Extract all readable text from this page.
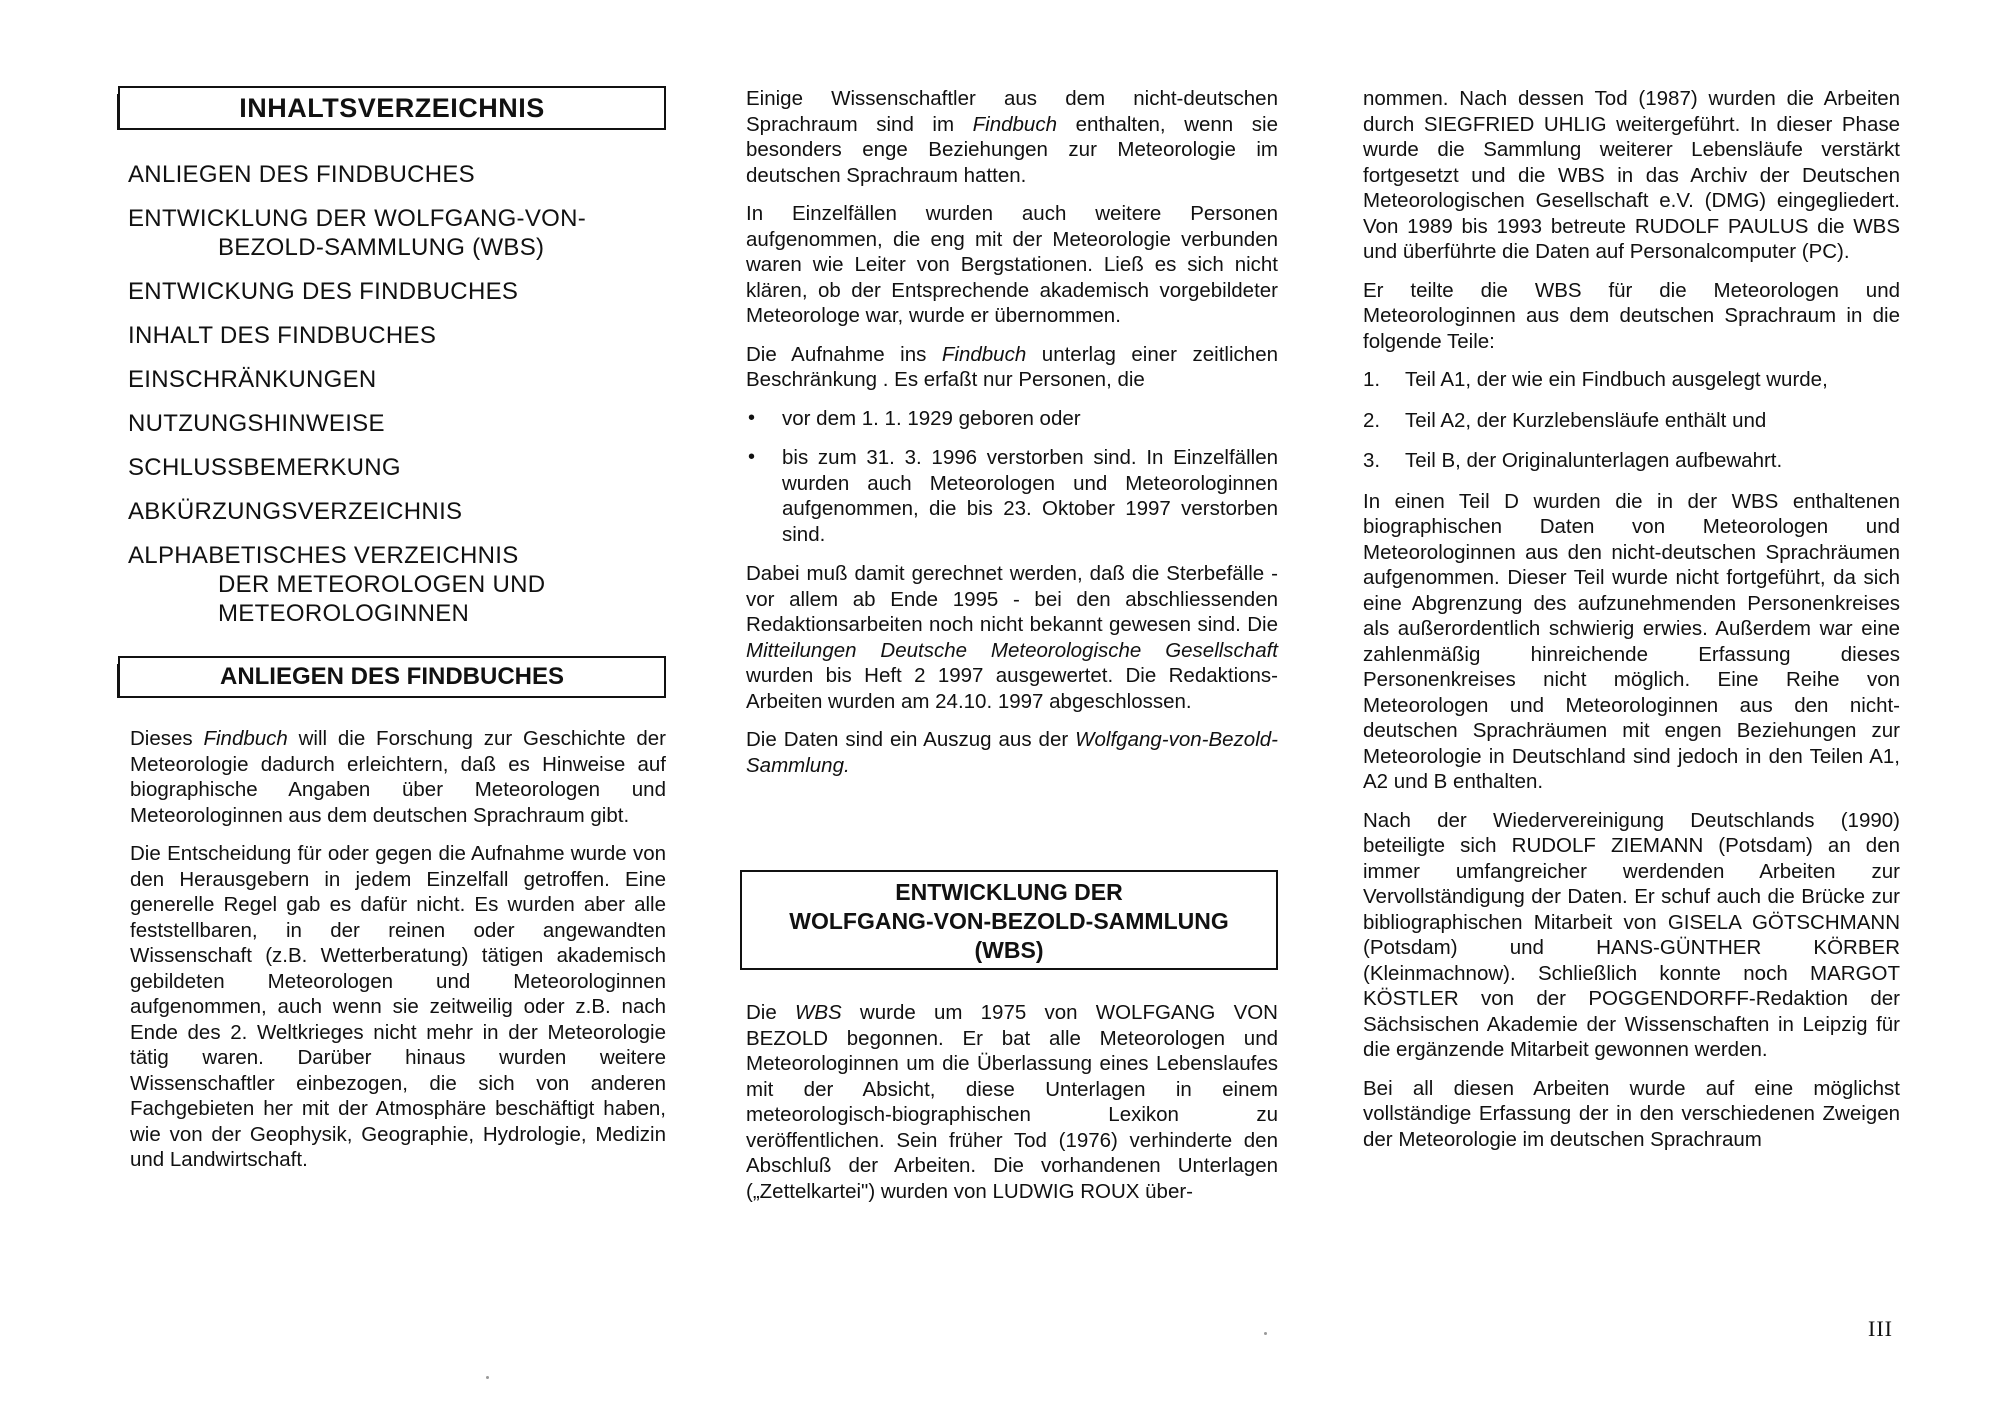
INHALTSVERZEICHNIS
ANLIEGEN DES FINDBUCHES
ENTWICKLUNG DER WOLFGANG-VON-

BEZOLD-SAMMLUNG (WBS)
ENTWICKUNG DES FINDBUCHES
INHALT DES FINDBUCHES
EINSCHRÄNKUNGEN
NUTZUNGSHINWEISE
SCHLUSSBEMERKUNG
ABKÜRZUNGSVERZEICHNIS
ALPHABETISCHES VERZEICHNIS

DER METEOROLOGEN UND
METEOROLOGINNEN
ANLIEGEN DES FINDBUCHES

Dieses Findbuch will die Forschung zur Geschichte der Meteorologie dadurch erleichtern, daß es Hinweise auf biographische Angaben über Meteorologen und Meteorologinnen aus dem deutschen Sprachraum gibt.

Die Entscheidung für oder gegen die Aufnahme wurde von den Herausgebern in jedem Einzelfall getroffen. Eine generelle Regel gab es dafür nicht. Es wurden aber alle feststellbaren, in der reinen oder angewandten Wissenschaft (z.B. Wetterberatung) tätigen akademisch gebildeten Meteorologen und Meteorologinnen aufgenommen, auch wenn sie zeitweilig oder z.B. nach Ende des 2. Weltkrieges nicht mehr in der Meteorologie tätig waren. Darüber hinaus wurden weitere Wissenschaftler einbezogen, die sich von anderen Fachgebieten her mit der Atmosphäre beschäftigt haben, wie von der Geophysik, Geographie, Hydrologie, Medizin und Landwirtschaft.

Einige Wissenschaftler aus dem nicht-deutschen Sprachraum sind im Findbuch enthalten, wenn sie besonders enge Beziehungen zur Meteorologie im deutschen Sprachraum hatten.

In Einzelfällen wurden auch weitere Personen aufgenommen, die eng mit der Meteorologie verbunden waren wie Leiter von Bergstationen. Ließ es sich nicht klären, ob der Entsprechende akademisch vorgebildeter Meteorologe war, wurde er übernommen.

Die Aufnahme ins Findbuch unterlag einer zeitlichen Beschränkung . Es erfaßt nur Personen, die

• vor dem 1. 1. 1929 geboren oder
• bis zum 31. 3. 1996 verstorben sind. In Einzelfällen wurden auch Meteorologen und Meteorologinnen aufgenommen, die bis 23. Oktober 1997 verstorben sind.

Dabei muß damit gerechnet werden, daß die Sterbefälle - vor allem ab Ende 1995 - bei den abschliessenden Redaktionsarbeiten noch nicht bekannt gewesen sind. Die Mitteilungen Deutsche Meteorologische Gesellschaft wurden bis Heft 2 1997 ausgewertet. Die Redaktions-Arbeiten wurden am 24.10. 1997 abgeschlossen.

Die Daten sind ein Auszug aus der Wolfgang-von-Bezold-Sammlung.

ENTWICKLUNG DER
WOLFGANG-VON-BEZOLD-SAMMLUNG
(WBS)

Die WBS wurde um 1975 von WOLFGANG VON BEZOLD begonnen. Er bat alle Meteorologen und Meteorologinnen um die Überlassung eines Lebenslaufes mit der Absicht, diese Unterlagen in einem meteorologisch-biographischen Lexikon zu veröffentlichen. Sein früher Tod (1976) verhinderte den Abschluß der Arbeiten. Die vorhandenen Unterlagen („Zettelkartei") wurden von LUDWIG ROUX über-

nommen. Nach dessen Tod (1987) wurden die Arbeiten durch SIEGFRIED UHLIG weitergeführt. In dieser Phase wurde die Sammlung weiterer Lebensläufe verstärkt fortgesetzt und die WBS in das Archiv der Deutschen Meteorologischen Gesellschaft e.V. (DMG) eingegliedert. Von 1989 bis 1993 betreute RUDOLF PAULUS die WBS und überführte die Daten auf Personalcomputer (PC).

Er teilte die WBS für die Meteorologen und Meteorologinnen aus dem deutschen Sprachraum in die folgende Teile:

1.	Teil A1, der wie ein Findbuch ausgelegt wurde,
2.	Teil A2, der Kurzlebensläufe enthält und
3.	Teil B, der Originalunterlagen aufbewahrt.

In einen Teil D wurden die in der WBS enthaltenen biographischen Daten von Meteorologen und Meteorologinnen aus den nicht-deutschen Sprachräumen aufgenommen. Dieser Teil wurde nicht fortgeführt, da sich eine Abgrenzung des aufzunehmenden Personenkreises als außerordentlich schwierig erwies. Außerdem war eine zahlenmäßig hinreichende Erfassung dieses Personenkreises nicht möglich. Eine Reihe von Meteorologen und Meteorologinnen aus den nicht-deutschen Sprachräumen mit engen Beziehungen zur Meteorologie in Deutschland sind jedoch in den Teilen A1, A2 und B enthalten.

Nach der Wiedervereinigung Deutschlands (1990) beteiligte sich RUDOLF ZIEMANN (Potsdam) an den immer umfangreicher werdenden Arbeiten zur Vervollständigung der Daten. Er schuf auch die Brücke zur bibliographischen Mitarbeit von GISELA GÖTSCHMANN (Potsdam) und HANS-GÜNTHER KÖRBER (Kleinmachnow). Schließlich konnte noch MARGOT KÖSTLER von der POGGENDORFF-Redaktion der Sächsischen Akademie der Wissenschaften in Leipzig für die ergänzende Mitarbeit gewonnen werden.

Bei all diesen Arbeiten wurde auf eine möglichst vollständige Erfassung der in den verschiedenen Zweigen der Meteorologie im deutschen Sprachraum

III
